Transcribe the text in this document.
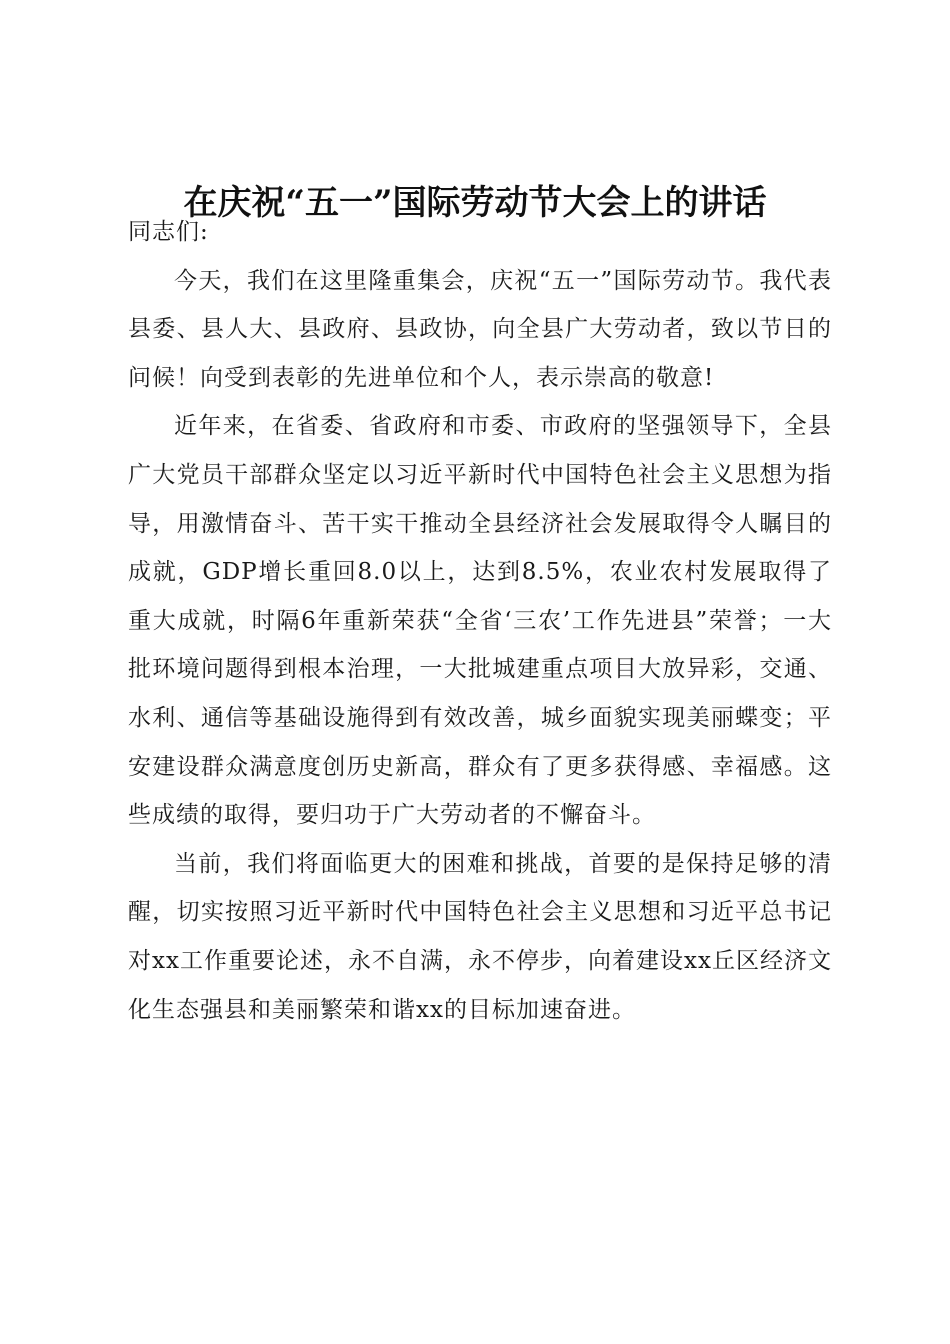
在庆祝“五一”国际劳动节大会上的讲话

同志们:

今天，我们在这里隆重集会，庆祝“五一”国际劳动节。我代表县委、县人大、县政府、县政协，向全县广大劳动者，致以节日的问候！向受到表彰的先进单位和个人，表示崇高的敬意!

近年来，在省委、省政府和市委、市政府的坚强领导下，全县广大党员干部群众坚定以习近平新时代中国特色社会主义思想为指导，用激情奋斗、苦干实干推动全县经济社会发展取得令人瞩目的成就，GDP增长重回8.0以上，达到8.5%，农业农村发展取得了重大成就，时隔6年重新荣获“全省‘三农’工作先进县”荣誉；一大批环境问题得到根本治理，一大批城建重点项目大放异彩，交通、水利、通信等基础设施得到有效改善，城乡面貌实现美丽蝶变；平安建设群众满意度创历史新高，群众有了更多获得感、幸福感。这些成绩的取得，要归功于广大劳动者的不懈奋斗。

当前，我们将面临更大的困难和挑战，首要的是保持足够的清醒，切实按照习近平新时代中国特色社会主义思想和习近平总书记对xx工作重要论述，永不自满，永不停步，向着建设xx丘区经济文化生态强县和美丽繁荣和谐xx的目标加速奋进。
